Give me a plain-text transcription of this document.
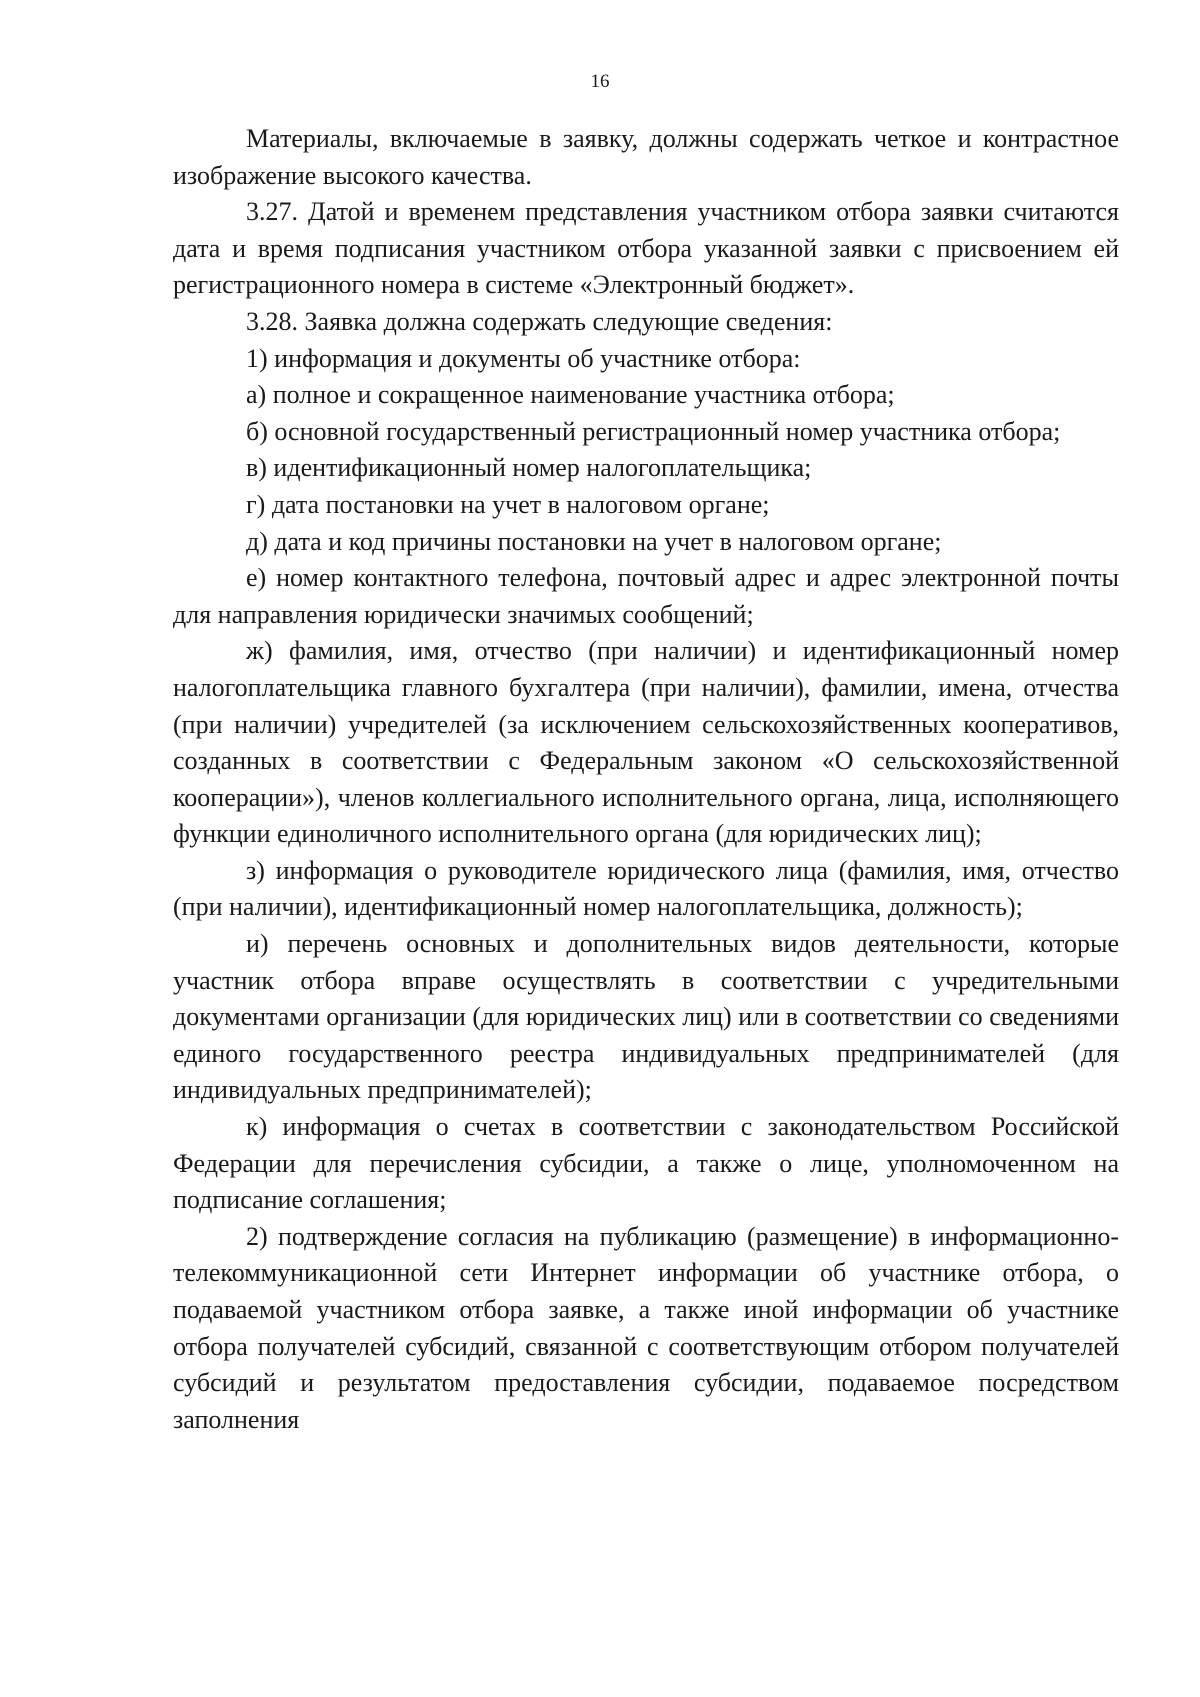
16

Материалы, включаемые в заявку, должны содержать четкое и контрастное изображение высокого качества.

3.27. Датой и временем представления участником отбора заявки считаются дата и время подписания участником отбора указанной заявки с присвоением ей регистрационного номера в системе «Электронный бюджет».

3.28. Заявка должна содержать следующие сведения:

1) информация и документы об участнике отбора:

а) полное и сокращенное наименование участника отбора;

б) основной государственный регистрационный номер участника отбора;

в) идентификационный номер налогоплательщика;

г) дата постановки на учет в налоговом органе;

д) дата и код причины постановки на учет в налоговом органе;

е) номер контактного телефона, почтовый адрес и адрес электронной почты для направления юридически значимых сообщений;

ж) фамилия, имя, отчество (при наличии) и идентификационный номер налогоплательщика главного бухгалтера (при наличии), фамилии, имена, отчества (при наличии) учредителей (за исключением сельскохозяйственных кооперативов, созданных в соответствии с Федеральным законом «О сельскохозяйственной кооперации»), членов коллегиального исполнительного органа, лица, исполняющего функции единоличного исполнительного органа (для юридических лиц);

з) информация о руководителе юридического лица (фамилия, имя, отчество (при наличии), идентификационный номер налогоплательщика, должность);

и) перечень основных и дополнительных видов деятельности, которые участник отбора вправе осуществлять в соответствии с учредительными документами организации (для юридических лиц) или в соответствии со сведениями единого государственного реестра индивидуальных предпринимателей (для индивидуальных предпринимателей);

к) информация о счетах в соответствии с законодательством Российской Федерации для перечисления субсидии, а также о лице, уполномоченном на подписание соглашения;

2) подтверждение согласия на публикацию (размещение) в информационно-телекоммуникационной сети Интернет информации об участнике отбора, о подаваемой участником отбора заявке, а также иной информации об участнике отбора получателей субсидий, связанной с соответствующим отбором получателей субсидий и результатом предоставления субсидии, подаваемое посредством заполнения
